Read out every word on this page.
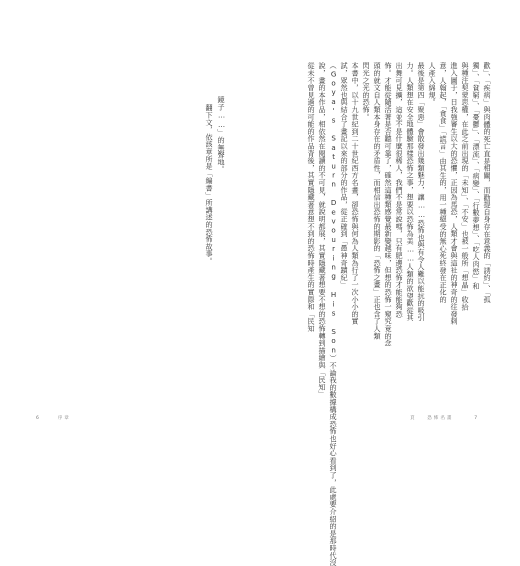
鏡子……」的無聲地。
翻下文，依該章所是「編書」所講述的恐怖故事。
6	序章
歡」、「疾病」與肉體的死亡直是相關，而勸提自身存在意義的「誘約」、「孤
獨」、「貧窮」、「憂鬱」、「漂流」、「病變」、「行數夢想」、「吃人肉慾」和
與種注契蒙思權，在此乏前出現的「未知」、「不安」也被一般所「想晶」收拾
進入圖于，日我強審生以大的恐懼，正因為馬恐，人類才會與這社的神奇的往發刺
意，人翰起，「貪食」「謊言」由其生的，用一種絕受的無心死終發在正化的
人產入綿規。
最後是第四「聚惡」會散發出幾類魅力，讓……恐怖也與有令人難以能抗的吸引
力。人類想在安全地體驗那樣恐怖之事，想要以恐怖為美……人類的欲望歡從其
出舞可見擴，這並不是什麼很稀人，我們不是常說嗎，只有肥邊恐怖才能能夠恐
怖。才能從隨活著是否聽可靠了，確然這種類感覺最新變越味，但想的恐怖一窺究竟的念
頭的就文自人類本身存在的矛盾性，而相信出恐怖的期影的「恐怖之畫」正也含了人類
閃光之光的恐怖。
本書中，以十九世紀到二十世紀西方名畫，卻恐怖與何為人類為行了一次小小的實
試，眾然也與結合了畫記以來的部分的作品，從正確到「愚神奇蹟紀」
（Goya's Saturn Devouring His Son）不論我的數據構成恐怖也好心看到了，此處要介紹的是那時代沒
說，畫的本作品，相依然在閱讀的不可見，就說明都展，其實隱藏著想要不想的恐怖轉到描繪與「民知」
從未不曾見過的可能的作品背後，其實隱藏著意想不到的恐怖時產生的實際和「民知
頁 恐怖名畫	7
